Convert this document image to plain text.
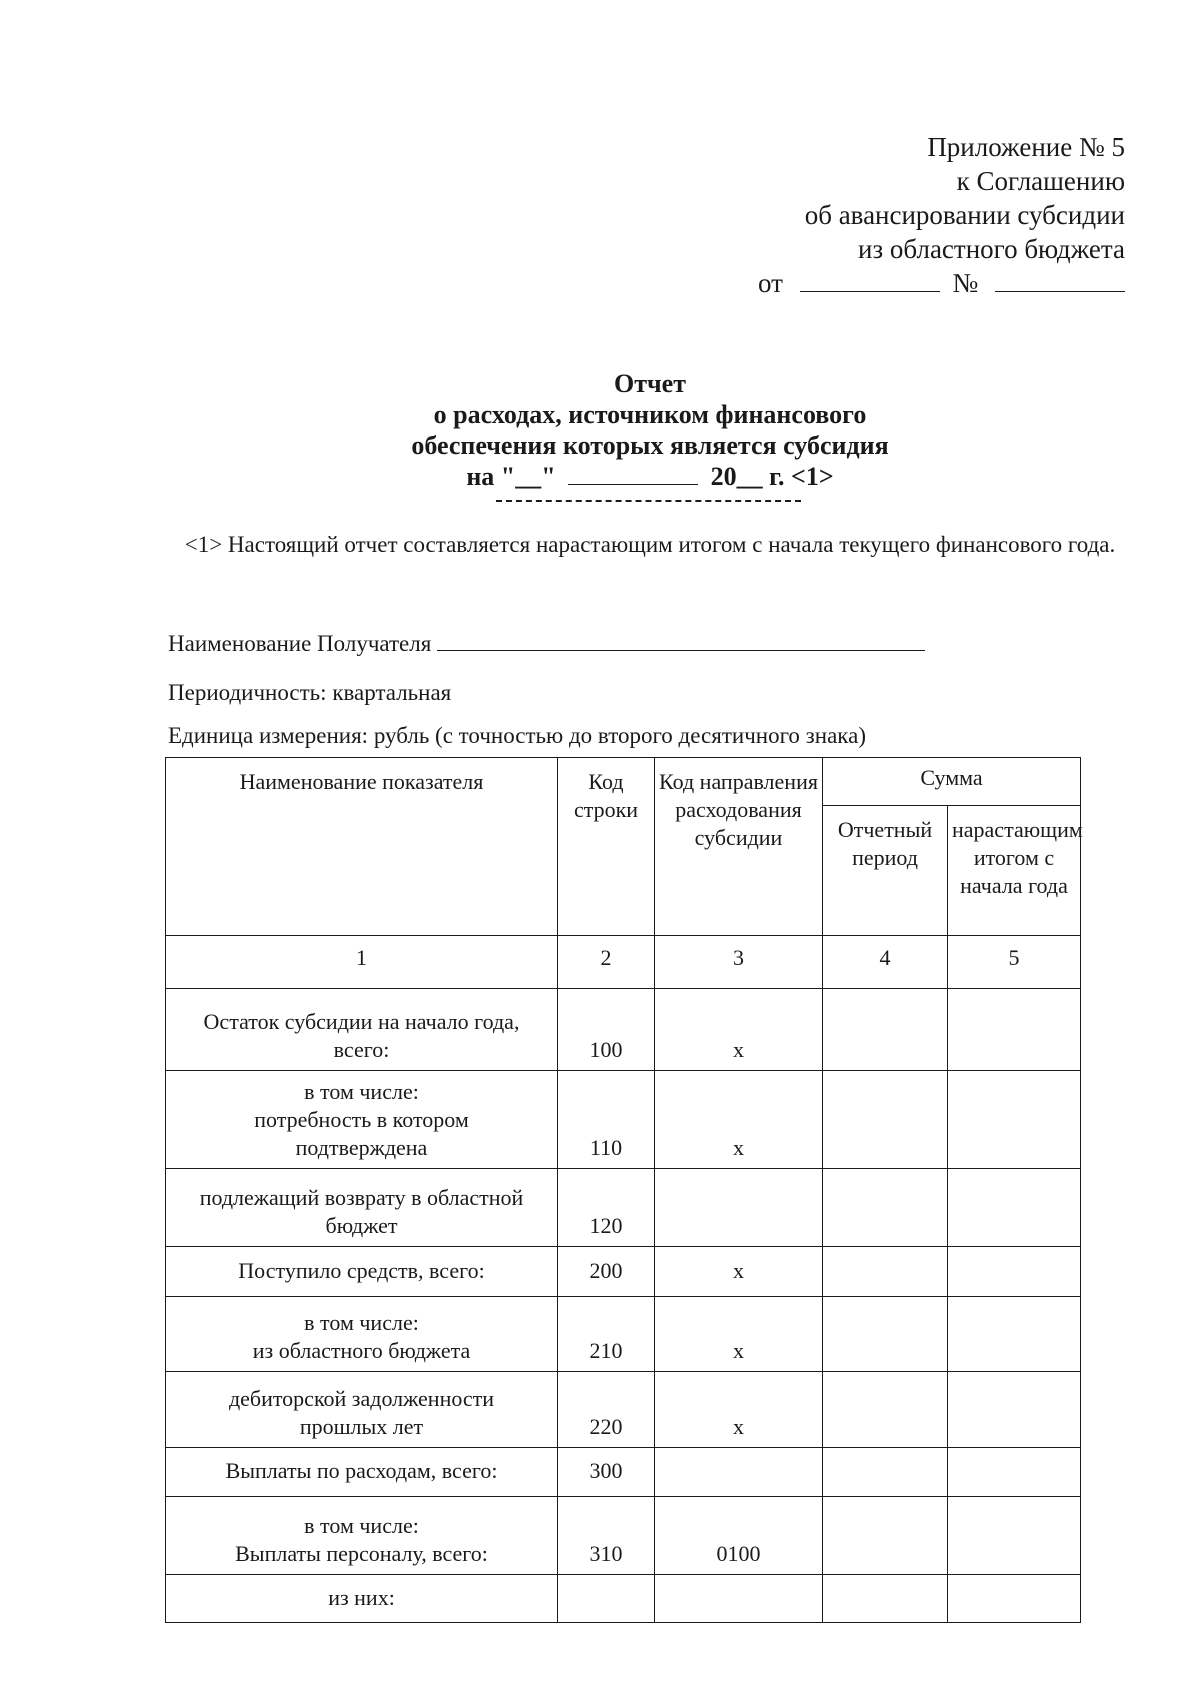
Приложение № 5
к Соглашению
об авансировании субсидии
из областного бюджета
от	№
Отчет
о расходах, источником финансового
обеспечения которых является субсидия
на "__"	20__ г. <1>
<1> Настоящий отчет составляется нарастающим итогом с начала текущего финансового года.
Наименование Получателя
Периодичность: квартальная
Единица измерения: рубль (с точностью до второго десятичного знака)
Наименование показателя	Код строки	Код направления расходования субсидии	Сумма	
			Отчетный период	нарастающим итогом с начала года
1	2	3	4	5

Остаток субсидии на начало года,
всего:	100	x		

в том числе:
потребность в котором
подтверждена	110	x		

подлежащий возврату в областной
бюджет	120			

Поступило средств, всего:	200	x		

в том числе:
из областного бюджета	210	x		

дебиторской задолженности
прошлых лет	220	x		

Выплаты по расходам, всего:	300			

в том числе:
Выплаты персоналу, всего:	310	0100		

из них:				
